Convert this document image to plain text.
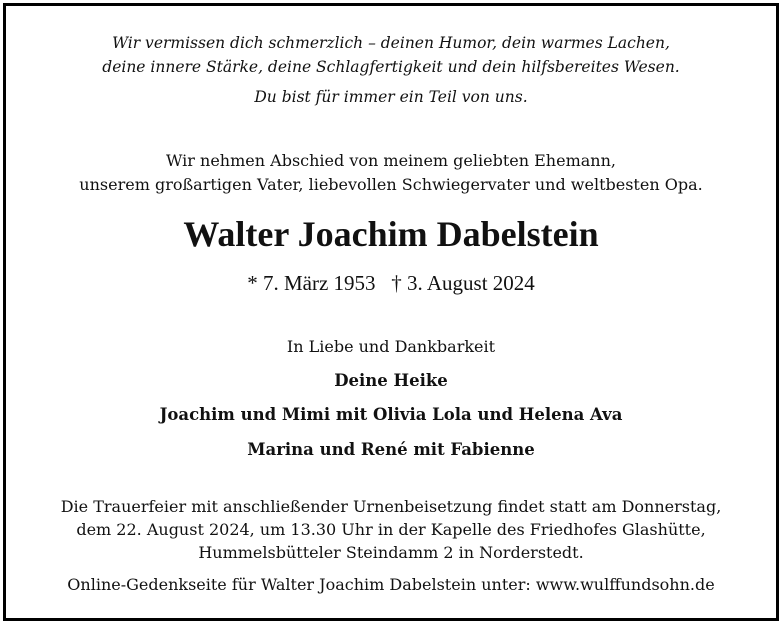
Wir vermissen dich schmerzlich – deinen Humor, dein warmes Lachen,
deine innere Stärke, deine Schlagfertigkeit und dein hilfsbereites Wesen.
Du bist für immer ein Teil von uns.
Wir nehmen Abschied von meinem geliebten Ehemann,
unserem großartigen Vater, liebevollen Schwiegervater und weltbesten Opa.
Walter Joachim Dabelstein
* 7. März 1953   † 3. August 2024
In Liebe und Dankbarkeit
Deine Heike
Joachim und Mimi mit Olivia Lola und Helena Ava
Marina und René mit Fabienne
Die Trauerfeier mit anschließender Urnenbeisetzung findet statt am Donnerstag,
dem 22. August 2024, um 13.30 Uhr in der Kapelle des Friedhofes Glashütte,
Hummelsbütteler Steindamm 2 in Norderstedt.
Online-Gedenkseite für Walter Joachim Dabelstein unter: www.wulffundsohn.de
